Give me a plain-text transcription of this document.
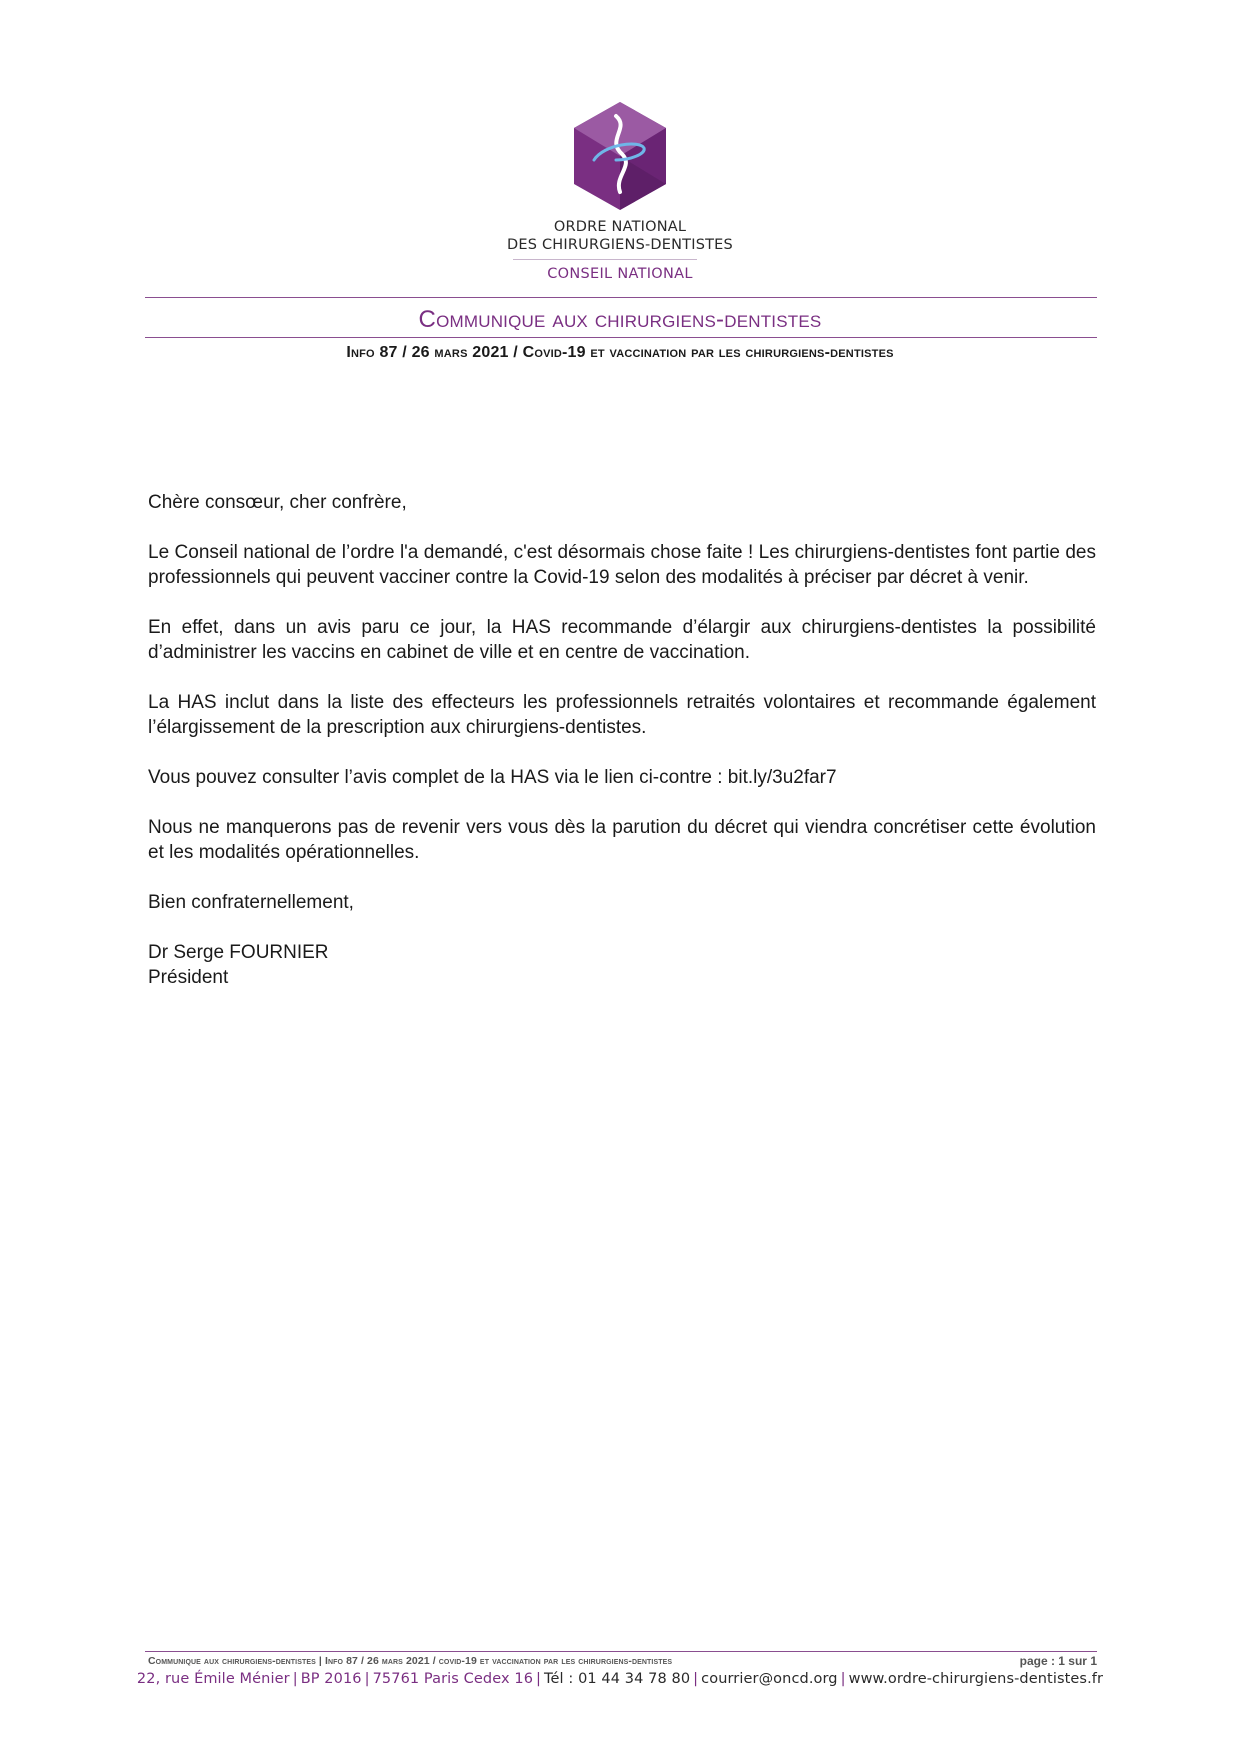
ORDRE NATIONAL
DES CHIRURGIENS-DENTISTES
CONSEIL NATIONAL
Communique aux chirurgiens-dentistes
Info 87 / 26 mars 2021 / Covid-19 et vaccination par les chirurgiens-dentistes

Chère consœur, cher confrère,

Le Conseil national de l’ordre l'a demandé, c'est désormais chose faite ! Les chirurgiens-dentistes font partie des professionnels qui peuvent vacciner contre la Covid-19 selon des modalités à préciser par décret à venir.

En effet, dans un avis paru ce jour, la HAS recommande d’élargir aux chirurgiens-dentistes la possibilité d’administrer les vaccins en cabinet de ville et en centre de vaccination.

La HAS inclut dans la liste des effecteurs les professionnels retraités volontaires et recommande également l’élargissement de la prescription aux chirurgiens-dentistes.

Vous pouvez consulter l’avis complet de la HAS via le lien ci-contre : bit.ly/3u2far7

Nous ne manquerons pas de revenir vers vous dès la parution du décret qui viendra concrétiser cette évolution et les modalités opérationnelles.

Bien confraternellement,

Dr Serge FOURNIER
Président
Communique aux chirurgiens-dentistes | Info 87 / 26 mars 2021 / covid-19 et vaccination par les chirurgiens-dentistes	page : 1 sur 1
22, rue Émile Ménier | BP 2016 | 75761 Paris Cedex 16 | Tél : 01 44 34 78 80 | courrier@oncd.org | www.ordre-chirurgiens-dentistes.fr
